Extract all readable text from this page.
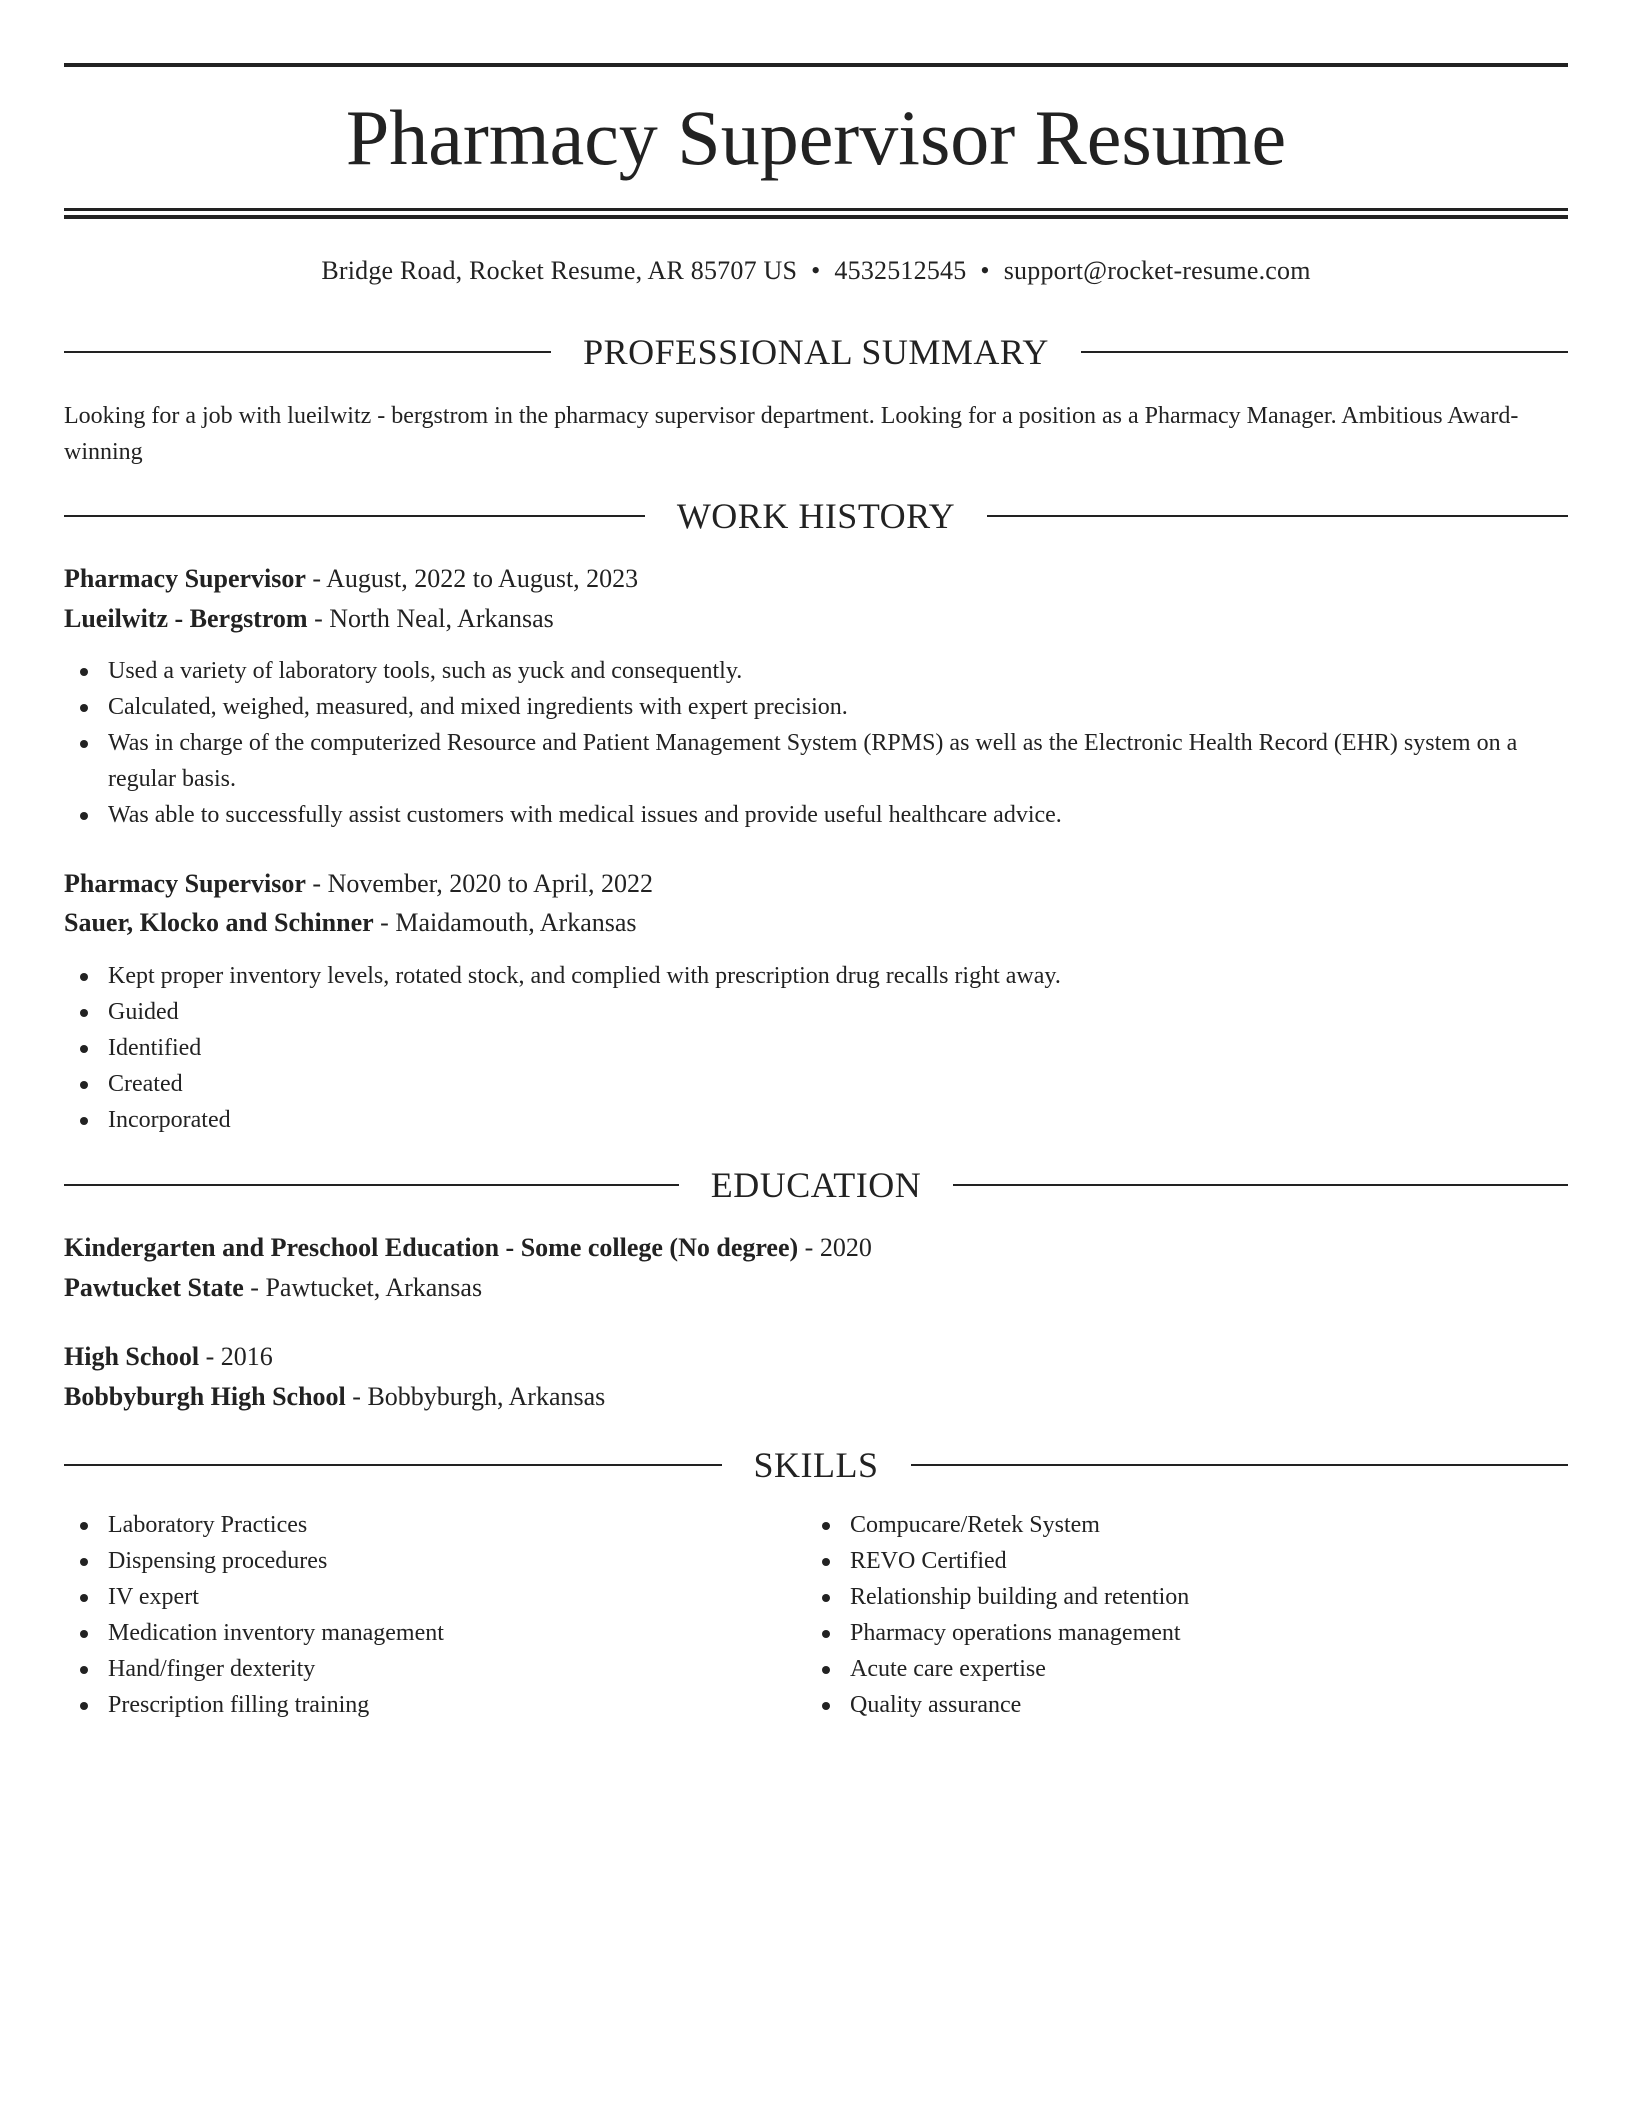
Pharmacy Supervisor Resume
Bridge Road, Rocket Resume, AR 85707 US • 4532512545 • support@rocket-resume.com
PROFESSIONAL SUMMARY

Looking for a job with lueilwitz - bergstrom in the pharmacy supervisor department. Looking for a position as a Pharmacy Manager. Ambitious Award-winning

WORK HISTORY
Pharmacy Supervisor - August, 2022 to August, 2023
Lueilwitz - Bergstrom - North Neal, Arkansas
Used a variety of laboratory tools, such as yuck and consequently.
Calculated, weighed, measured, and mixed ingredients with expert precision.
Was in charge of the computerized Resource and Patient Management System (RPMS) as well as the Electronic Health Record (EHR) system on a regular basis.
Was able to successfully assist customers with medical issues and provide useful healthcare advice.
Pharmacy Supervisor - November, 2020 to April, 2022
Sauer, Klocko and Schinner - Maidamouth, Arkansas
Kept proper inventory levels, rotated stock, and complied with prescription drug recalls right away.
Guided
Identified
Created
Incorporated
EDUCATION
Kindergarten and Preschool Education - Some college (No degree) - 2020
Pawtucket State - Pawtucket, Arkansas
High School - 2016
Bobbyburgh High School - Bobbyburgh, Arkansas
SKILLS
Laboratory Practices
Dispensing procedures
IV expert
Medication inventory management
Hand/finger dexterity
Prescription filling training
Compucare/Retek System
REVO Certified
Relationship building and retention
Pharmacy operations management
Acute care expertise
Quality assurance
